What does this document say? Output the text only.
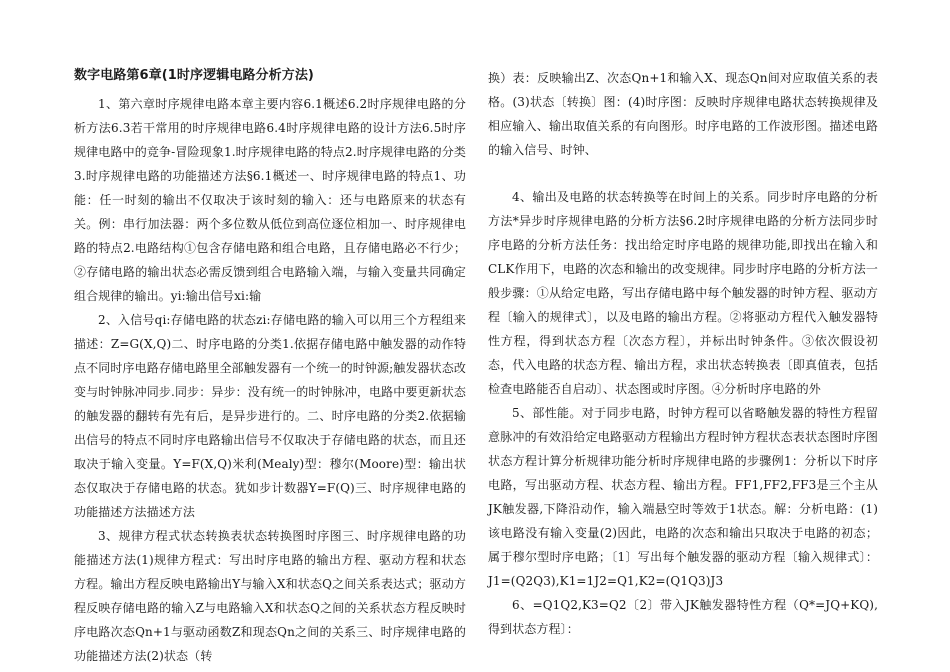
数字电路第6章(1时序逻辑电路分析方法)

1、第六章时序规律电路本章主要内容6.1概述6.2时序规律电路的分析方法6.3若干常用的时序规律电路6.4时序规律电路的设计方法6.5时序规律电路中的竞争-冒险现象1.时序规律电路的特点2.时序规律电路的分类3.时序规律电路的功能描述方法§6.1概述一、时序规律电路的特点1、功能：任一时刻的输出不仅取决于该时刻的输入：还与电路原来的状态有关。例：串行加法器：两个多位数从低位到高位逐位相加一、时序规律电路的特点2.电路结构①包含存储电路和组合电路，且存储电路必不行少；②存储电路的输出状态必需反馈到组合电路输入端，与输入变量共同确定组合规律的输出。yi:输出信号xi:输

2、入信号qi:存储电路的状态zi:存储电路的输入可以用三个方程组来描述：Z=G(X,Q)二、时序电路的分类1.依据存储电路中触发器的动作特点不同时序电路存储电路里全部触发器有一个统一的时钟源;触发器状态改变与时钟脉冲同步.同步：异步：没有统一的时钟脉冲，电路中要更新状态的触发器的翻转有先有后，是异步进行的。二、时序电路的分类2.依据输出信号的特点不同时序电路输出信号不仅取决于存储电路的状态，而且还取决于输入变量。Y=F(X,Q)米利(Mealy)型：穆尔(Moore)型：输出状态仅取决于存储电路的状态。犹如步计数器Y=F(Q)三、时序规律电路的功能描述方法描述方法

3、规律方程式状态转换表状态转换图时序图三、时序规律电路的功能描述方法(1)规律方程式：写出时序电路的输出方程、驱动方程和状态方程。输出方程反映电路输出Y与输入X和状态Q之间关系表达式；驱动方程反映存储电路的输入Z与电路输入X和状态Q之间的关系状态方程反映时序电路次态Qn+1与驱动函数Z和现态Qn之间的关系三、时序规律电路的功能描述方法(2)状态（转

换）表：反映输出Z、次态Qn+1和输入X、现态Qn间对应取值关系的表格。(3)状态〔转换〕图：(4)时序图：反映时序规律电路状态转换规律及相应输入、输出取值关系的有向图形。时序电路的工作波形图。描述电路的输入信号、时钟、

4、输出及电路的状态转换等在时间上的关系。同步时序电路的分析方法*异步时序规律电路的分析方法§6.2时序规律电路的分析方法同步时序电路的分析方法任务：找出给定时序电路的规律功能,即找出在输入和CLK作用下，电路的次态和输出的改变规律。同步时序电路的分析方法一般步骤：①从给定电路，写出存储电路中每个触发器的时钟方程、驱动方程〔输入的规律式〕，以及电路的输出方程。②将驱动方程代入触发器特性方程，得到状态方程〔次态方程〕，并标出时钟条件。③依次假设初态，代入电路的状态方程、输出方程，求出状态转换表〔即真值表，包括检查电路能否自启动〕、状态图或时序图。④分析时序电路的外

5、部性能。对于同步电路，时钟方程可以省略触发器的特性方程留意脉冲的有效沿给定电路驱动方程输出方程时钟方程状态表状态图时序图状态方程计算分析规律功能分析时序规律电路的步骤例1：分析以下时序电路，写出驱动方程、状态方程、输出方程。FF1,FF2,FF3是三个主从JK触发器,下降沿动作，输入端悬空时等效于1状态。解：分析电路：(1)该电路没有输入变量(2)因此，电路的次态和输出只取决于电路的初态；属于穆尔型时序电路；〔1〕写出每个触发器的驱动方程〔输入规律式〕：J1=(Q2Q3),K1=1J2=Q1,K2=(Q1Q3)J3

6、=Q1Q2,K3=Q2〔2〕带入JK触发器特性方程（Q*=JQ+KQ),得到状态方程〕：
